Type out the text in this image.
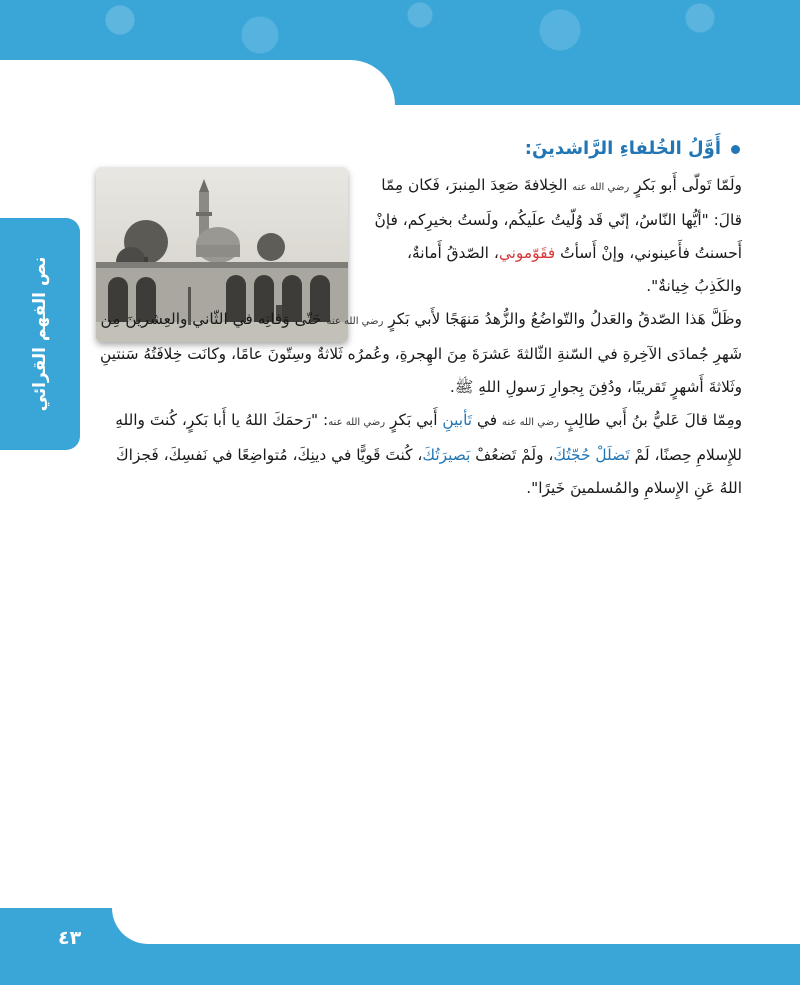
نص الفهم القرائي
أَوَّلُ الخُلفاءِ الرَّاشدينَ:
ولَمّا تَولّى أَبو بَكرٍ رضي الله عنه الخِلافةَ صَعِدَ المِنبرَ، فَكان مِمّا قالَ: "أيُّها النّاسُ، إنّي قَد وُلّيتُ علَيكُم، ولَستُ بخيرِكم، فإنْ أَحسنتُ فأَعينوني، وإنْ أَسأتُ فقَوّموني، الصّدقُ أَمانةٌ، والكَذِبُ خِيانةٌ".
وظَلَّ هَذا الصّدقُ والعَدلُ والتّواضُعُ والزُّهدُ مَنهَجًا لأَبي بَكرٍ رضي الله عنه حَتّى وَفاتِه في الثّاني والعِشرينَ مِن شَهرِ جُمادَى الآخِرةِ في السّنةِ الثّالثةَ عَشرَةَ مِنَ الهِجرةِ، وعُمرُه ثَلاثةٌ وسِتّونَ عامًا، وكانَت خِلافَتُهُ سَنتينِ وثَلاثةَ أَشهرٍ تَقريبًا، ودُفِنَ بِجوارِ رَسولِ اللهِ ﷺ.
ومِمّا قالَ عَليُّ بنُ أَبي طالِبٍ رضي الله عنه في تَأبينِ أَبي بَكرٍ رضي الله عنه: "رَحمَكَ اللهُ يا أَبا بَكرٍ، كُنتَ واللهِ للإِسلامِ حِصنًا، لَمْ تَضلَلْ حُجّتُكَ، ولَمْ تَضعُفْ بَصيرَتُكَ، كُنتَ قَويًّا في دينِكَ، مُتواضِعًا في نَفسِكَ، فَجزاكَ اللهُ عَنِ الإِسلامِ والمُسلمينَ خَيرًا".
٤٣
